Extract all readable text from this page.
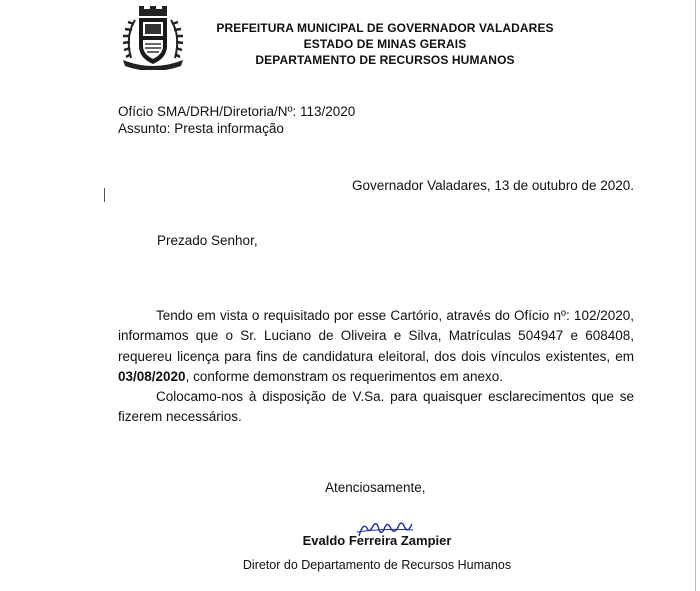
PREFEITURA MUNICIPAL DE GOVERNADOR VALADARES
ESTADO DE MINAS GERAIS
DEPARTAMENTO DE RECURSOS HUMANOS
Ofício SMA/DRH/Diretoria/Nº: 113/2020
Assunto: Presta informação
Governador Valadares, 13 de outubro de 2020.
Prezado Senhor,

Tendo em vista o requisitado por esse Cartório, através do Ofício nº: 102/2020, informamos que o Sr. Luciano de Oliveira e Silva, Matrículas 504947 e 608408, requereu licença para fins de candidatura eleitoral, dos dois vínculos existentes, em 03/08/2020, conforme demonstram os requerimentos em anexo.

Colocamo-nos à disposição de V.Sa. para quaisquer esclarecimentos que se fizerem necessários.

Atenciosamente,
Evaldo Ferreira Zampier
Diretor do Departamento de Recursos Humanos
